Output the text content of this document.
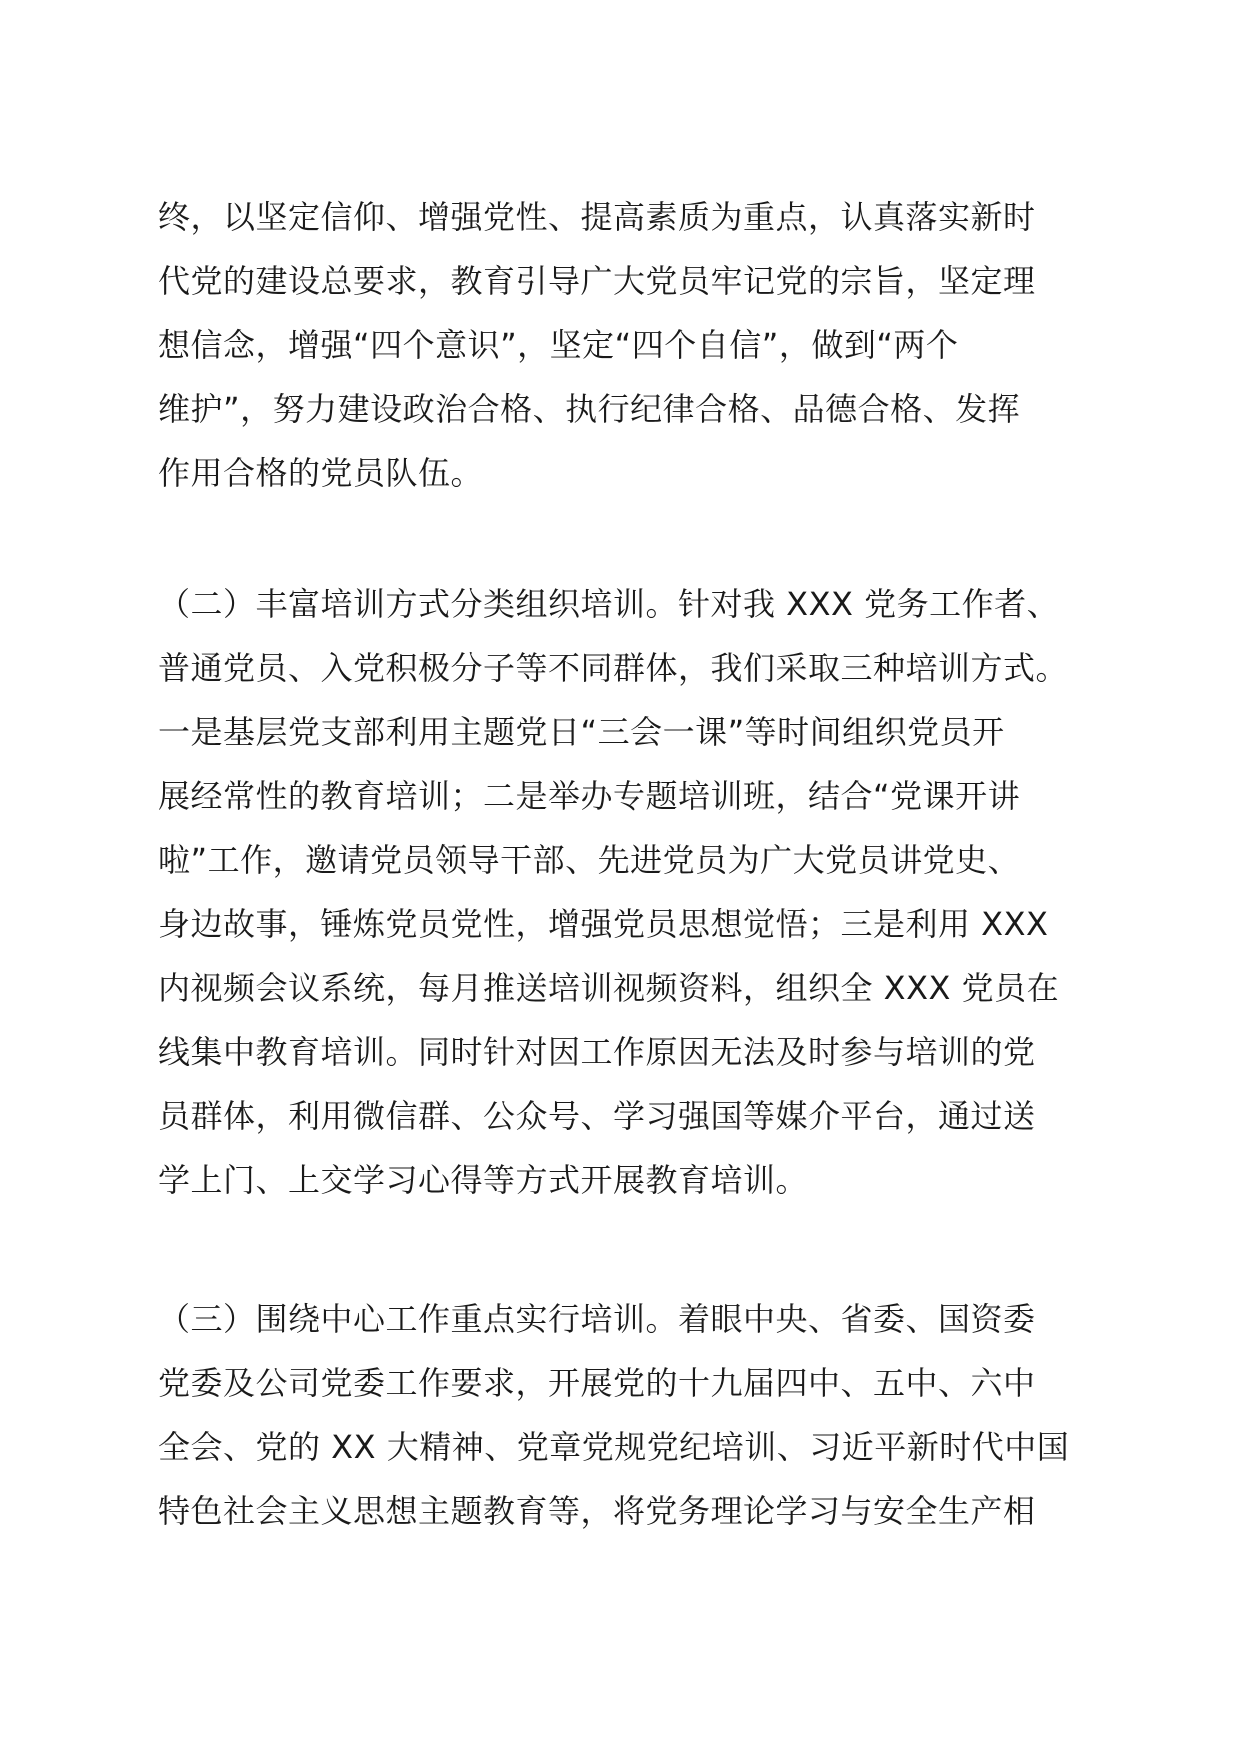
终，以坚定信仰、增强党性、提高素质为重点，认真落实新时
代党的建设总要求，教育引导广大党员牢记党的宗旨，坚定理
想信念，增强“四个意识”，坚定“四个自信”，做到“两个
维护”，努力建设政治合格、执行纪律合格、品德合格、发挥
作用合格的党员队伍。
（二）丰富培训方式分类组织培训。针对我 XXX 党务工作者、
普通党员、入党积极分子等不同群体，我们采取三种培训方式。
一是基层党支部利用主题党日“三会一课”等时间组织党员开
展经常性的教育培训；二是举办专题培训班，结合“党课开讲
啦”工作，邀请党员领导干部、先进党员为广大党员讲党史、
身边故事，锤炼党员党性，增强党员思想觉悟；三是利用 XXX
内视频会议系统，每月推送培训视频资料，组织全 XXX 党员在
线集中教育培训。同时针对因工作原因无法及时参与培训的党
员群体，利用微信群、公众号、学习强国等媒介平台，通过送
学上门、上交学习心得等方式开展教育培训。
（三）围绕中心工作重点实行培训。着眼中央、省委、国资委
党委及公司党委工作要求，开展党的十九届四中、五中、六中
全会、党的 XX 大精神、党章党规党纪培训、习近平新时代中国
特色社会主义思想主题教育等，将党务理论学习与安全生产相
